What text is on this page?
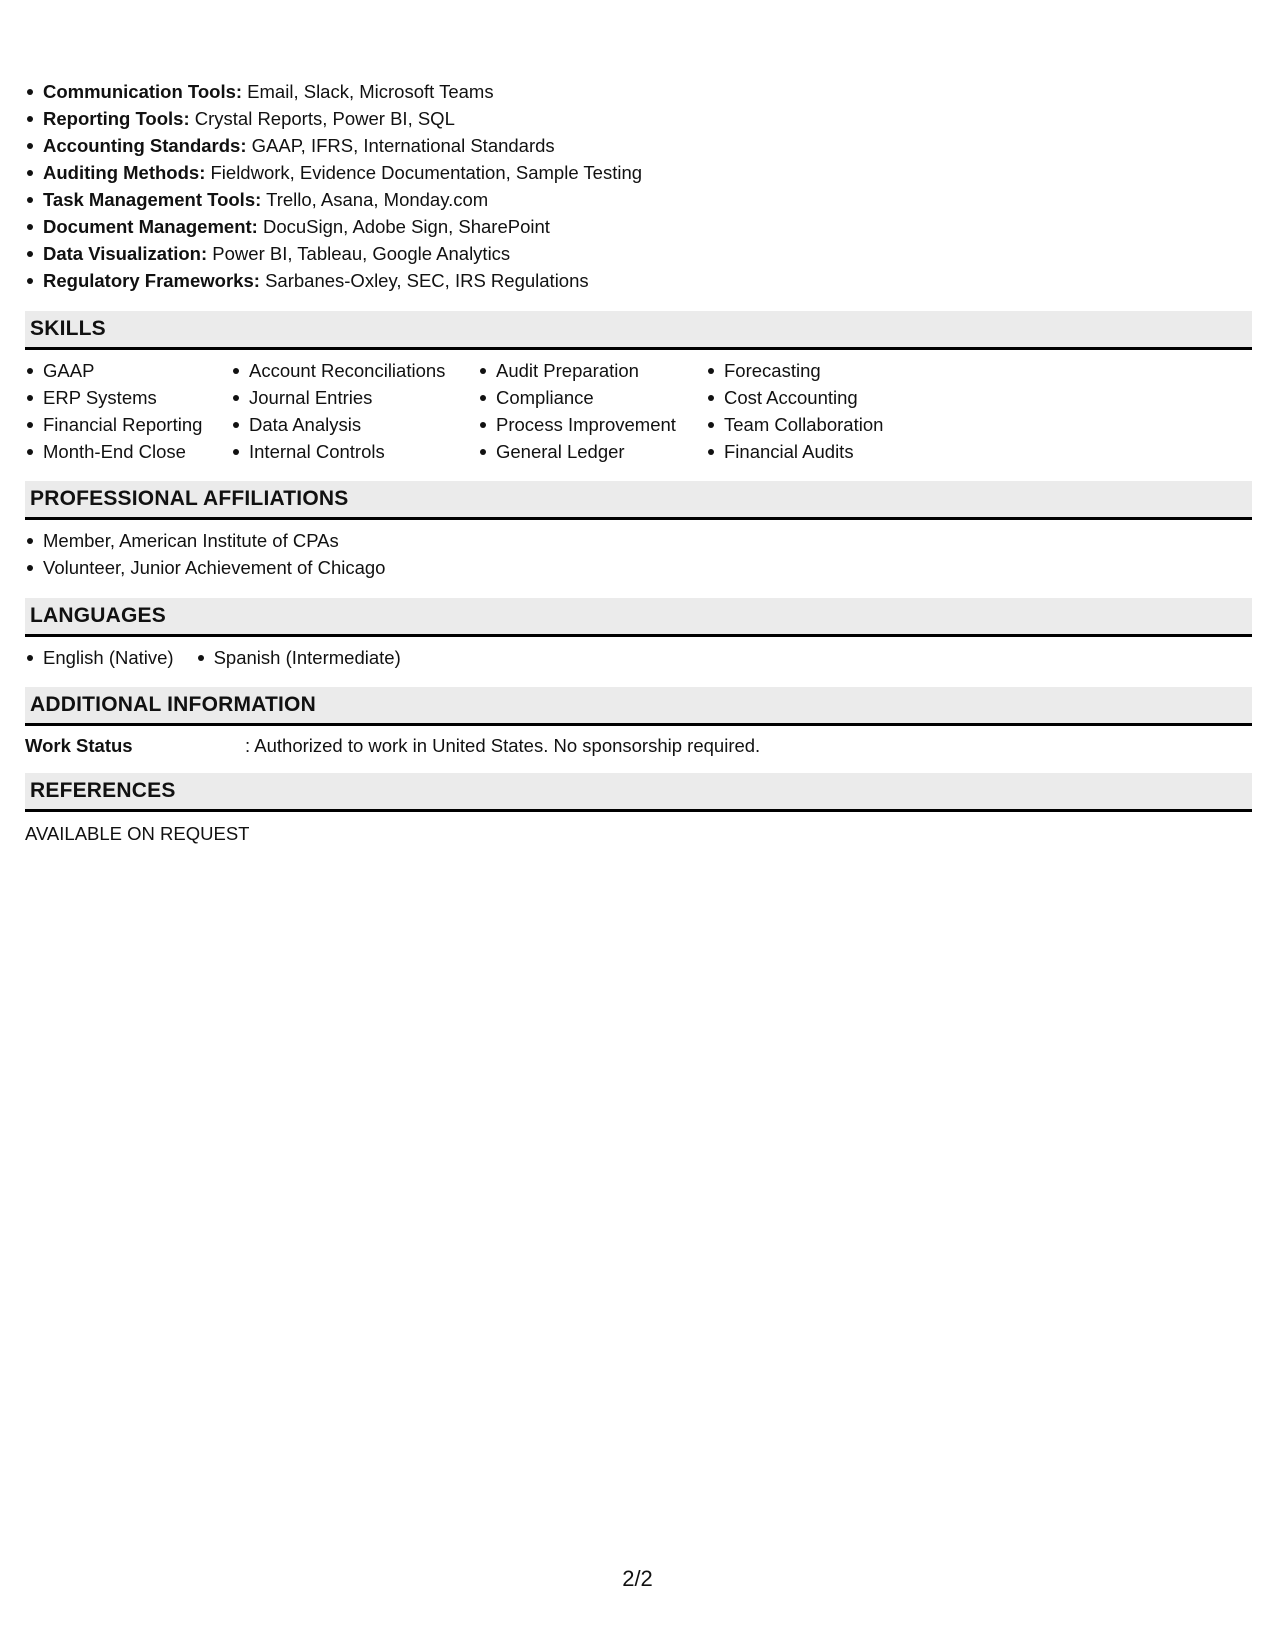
Communication Tools: Email, Slack, Microsoft Teams
Reporting Tools: Crystal Reports, Power BI, SQL
Accounting Standards: GAAP, IFRS, International Standards
Auditing Methods: Fieldwork, Evidence Documentation, Sample Testing
Task Management Tools: Trello, Asana, Monday.com
Document Management: DocuSign, Adobe Sign, SharePoint
Data Visualization: Power BI, Tableau, Google Analytics
Regulatory Frameworks: Sarbanes-Oxley, SEC, IRS Regulations
SKILLS
GAAP
ERP Systems
Financial Reporting
Month-End Close
Account Reconciliations
Journal Entries
Data Analysis
Internal Controls
Audit Preparation
Compliance
Process Improvement
General Ledger
Forecasting
Cost Accounting
Team Collaboration
Financial Audits
PROFESSIONAL AFFILIATIONS
Member, American Institute of CPAs
Volunteer, Junior Achievement of Chicago
LANGUAGES
English (Native)	Spanish (Intermediate)
ADDITIONAL INFORMATION
Work Status	: Authorized to work in United States. No sponsorship required.
REFERENCES
AVAILABLE ON REQUEST
2/2
